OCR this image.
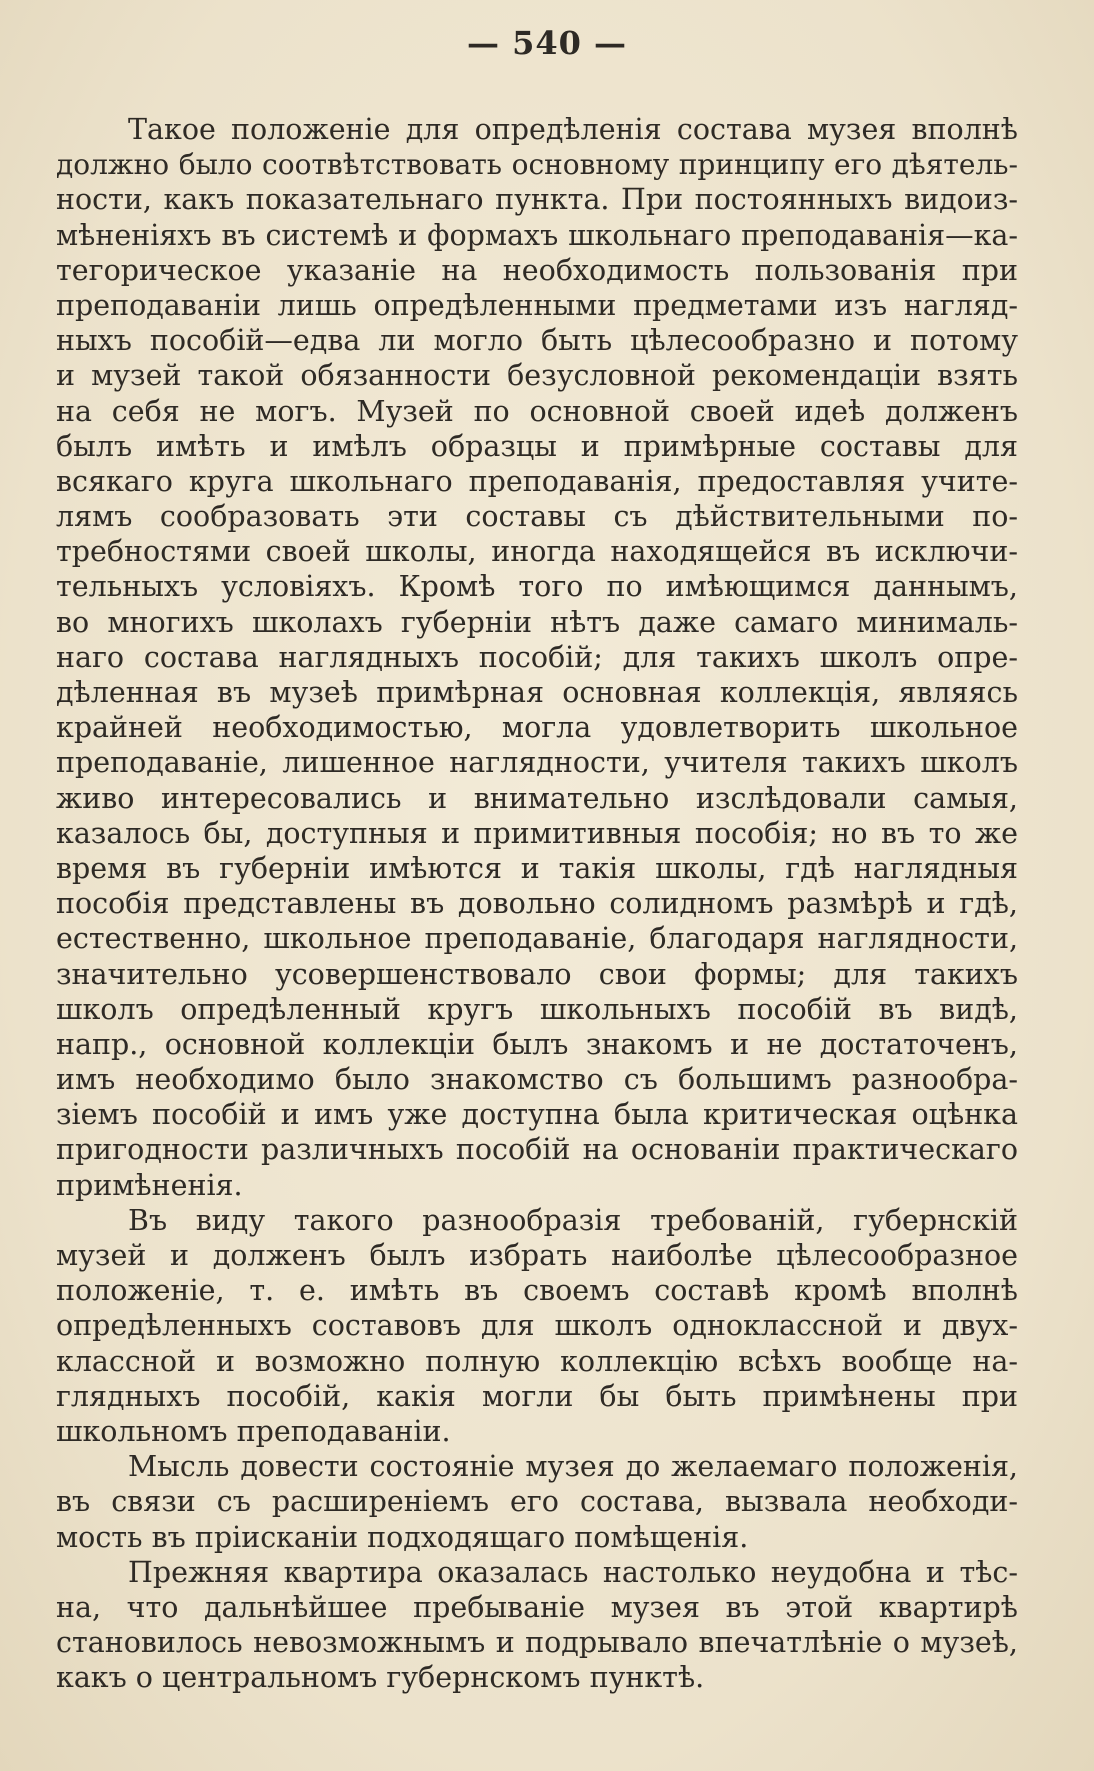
— 540 —
Такое положеніе для опредѣленія состава музея вполнѣ
должно было соотвѣтствовать основному принципу его дѣятель-
ности, какъ показательнаго пункта. При постоянныхъ видоиз-
мѣненіяхъ въ системѣ и формахъ школьнаго преподаванія—ка-
тегорическое указаніе на необходимость пользованія при
преподаваніи лишь опредѣленными предметами изъ нагляд-
ныхъ пособій—едва ли могло быть цѣлесообразно и потому
и музей такой обязанности безусловной рекомендаціи взять
на себя не могъ. Музей по основной своей идеѣ долженъ
былъ имѣть и имѣлъ образцы и примѣрные составы для
всякаго круга школьнаго преподаванія, предоставляя учите-
лямъ сообразовать эти составы съ дѣйствительными по-
требностями своей школы, иногда находящейся въ исключи-
тельныхъ условіяхъ. Кромѣ того по имѣющимся даннымъ,
во многихъ школахъ губерніи нѣтъ даже самаго минималь-
наго состава наглядныхъ пособій; для такихъ школъ опре-
дѣленная въ музеѣ примѣрная основная коллекція, являясь
крайней необходимостью, могла удовлетворить школьное
преподаваніе, лишенное наглядности, учителя такихъ школъ
живо интересовались и внимательно изслѣдовали самыя,
казалось бы, доступныя и примитивныя пособія; но въ то же
время въ губерніи имѣются и такія школы, гдѣ наглядныя
пособія представлены въ довольно солидномъ размѣрѣ и гдѣ,
естественно, школьное преподаваніе, благодаря наглядности,
значительно усовершенствовало свои формы; для такихъ
школъ опредѣленный кругъ школьныхъ пособій въ видѣ,
напр., основной коллекціи былъ знакомъ и не достаточенъ,
имъ необходимо было знакомство съ большимъ разнообра-
зіемъ пособій и имъ уже доступна была критическая оцѣнка
пригодности различныхъ пособій на основаніи практическаго
примѣненія.
Въ виду такого разнообразія требованій, губернскій
музей и долженъ былъ избрать наиболѣе цѣлесообразное
положеніе, т. е. имѣть въ своемъ составѣ кромѣ вполнѣ
опредѣленныхъ составовъ для школъ одноклассной и двух-
классной и возможно полную коллекцію всѣхъ вообще на-
глядныхъ пособій, какія могли бы быть примѣнены при
школьномъ преподаваніи.
Мысль довести состояніе музея до желаемаго положенія,
въ связи съ расширеніемъ его состава, вызвала необходи-
мость въ прiисканіи подходящаго помѣщенія.
Прежняя квартира оказалась настолько неудобна и тѣс-
на, что дальнѣйшее пребываніе музея въ этой квартирѣ
становилось невозможнымъ и подрывало впечатлѣніе о музеѣ,
какъ о центральномъ губернскомъ пунктѣ.
